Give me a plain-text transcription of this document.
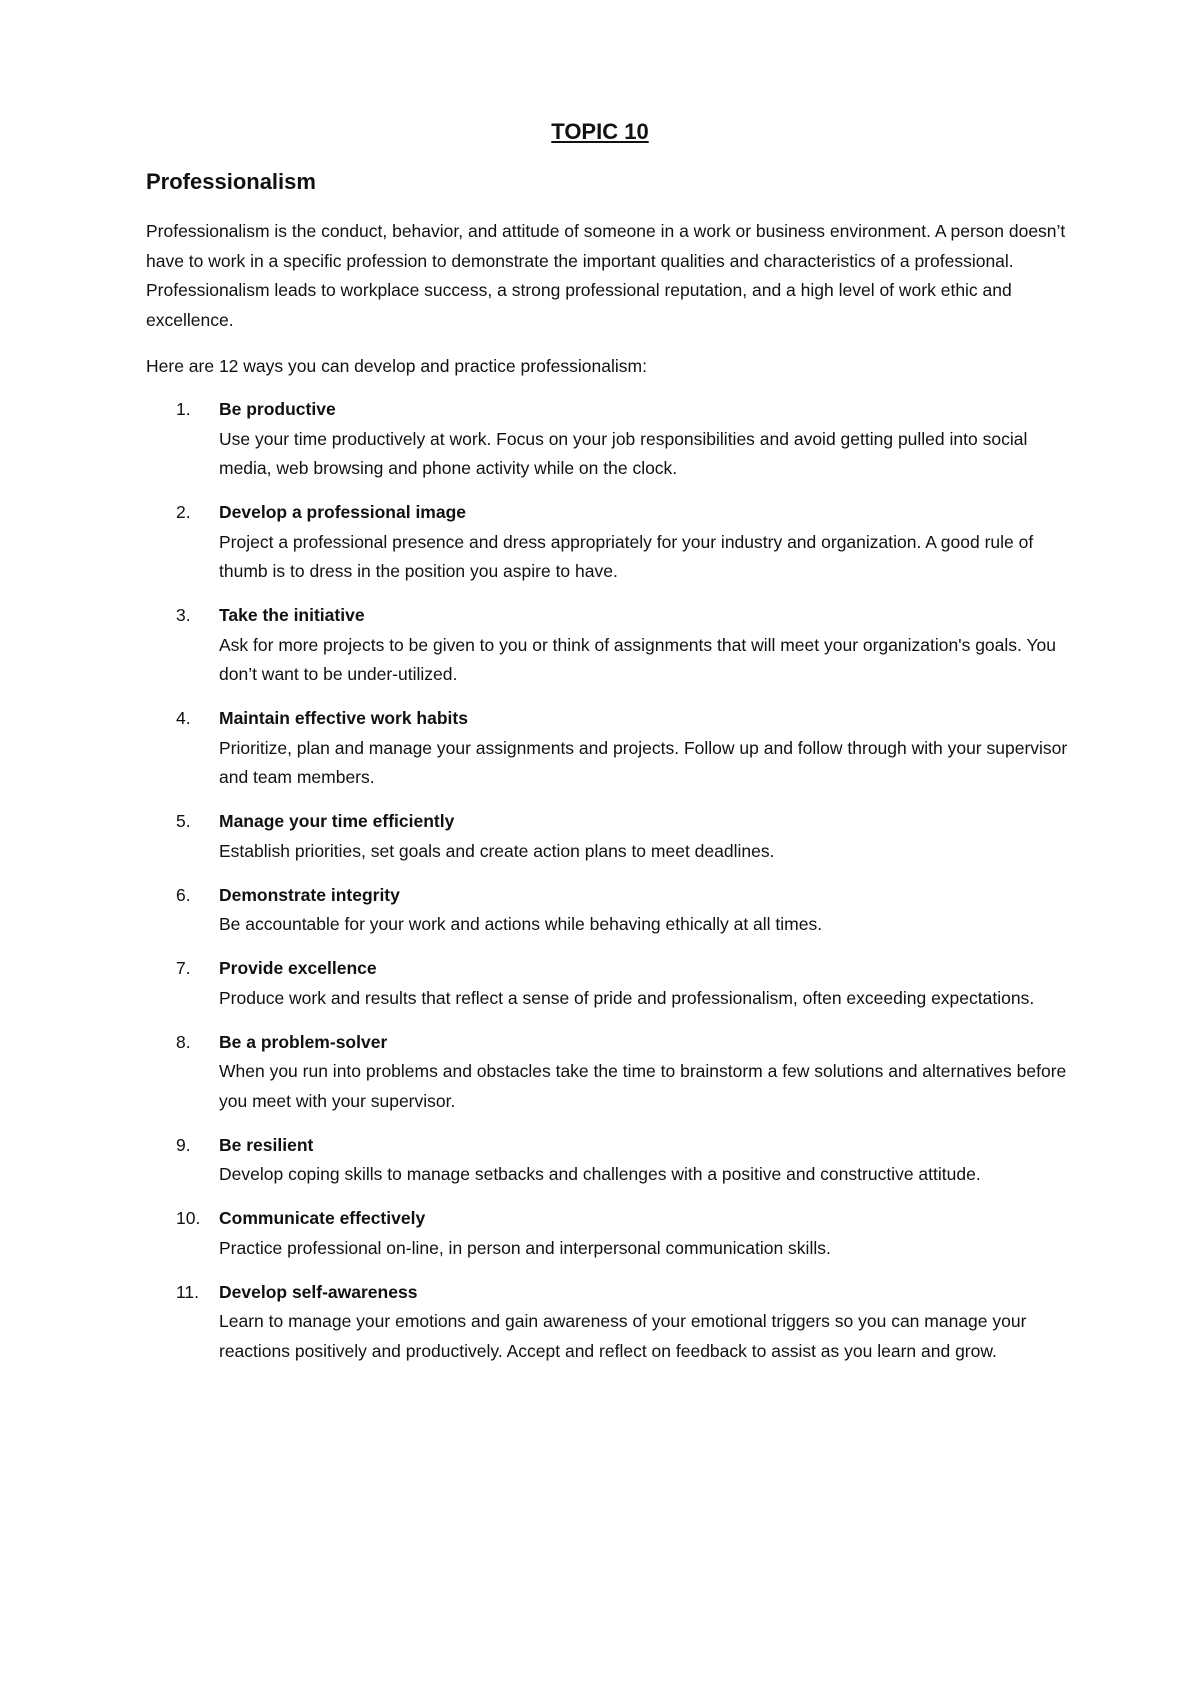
TOPIC 10
Professionalism
Professionalism is the conduct, behavior, and attitude of someone in a work or business environment. A person doesn’t have to work in a specific profession to demonstrate the important qualities and characteristics of a professional. Professionalism leads to workplace success, a strong professional reputation, and a high level of work ethic and excellence.
Here are 12 ways you can develop and practice professionalism:
1.	Be productive
Use your time productively at work. Focus on your job responsibilities and avoid getting pulled into social media, web browsing and phone activity while on the clock.
2.	Develop a professional image
Project a professional presence and dress appropriately for your industry and organization. A good rule of thumb is to dress in the position you aspire to have.
3.	Take the initiative
Ask for more projects to be given to you or think of assignments that will meet your organization's goals. You don’t want to be under-utilized.
4.	Maintain effective work habits
Prioritize, plan and manage your assignments and projects. Follow up and follow through with your supervisor and team members.
5.	Manage your time efficiently
Establish priorities, set goals and create action plans to meet deadlines.
6.	Demonstrate integrity
Be accountable for your work and actions while behaving ethically at all times.
7.	Provide excellence
Produce work and results that reflect a sense of pride and professionalism, often exceeding expectations.
8.	Be a problem-solver
When you run into problems and obstacles take the time to brainstorm a few solutions and alternatives before you meet with your supervisor.
9.	Be resilient
Develop coping skills to manage setbacks and challenges with a positive and constructive attitude.
10.	Communicate effectively
Practice professional on-line, in person and interpersonal communication skills.
11.	Develop self-awareness
Learn to manage your emotions and gain awareness of your emotional triggers so you can manage your reactions positively and productively. Accept and reflect on feedback to assist as you learn and grow.
